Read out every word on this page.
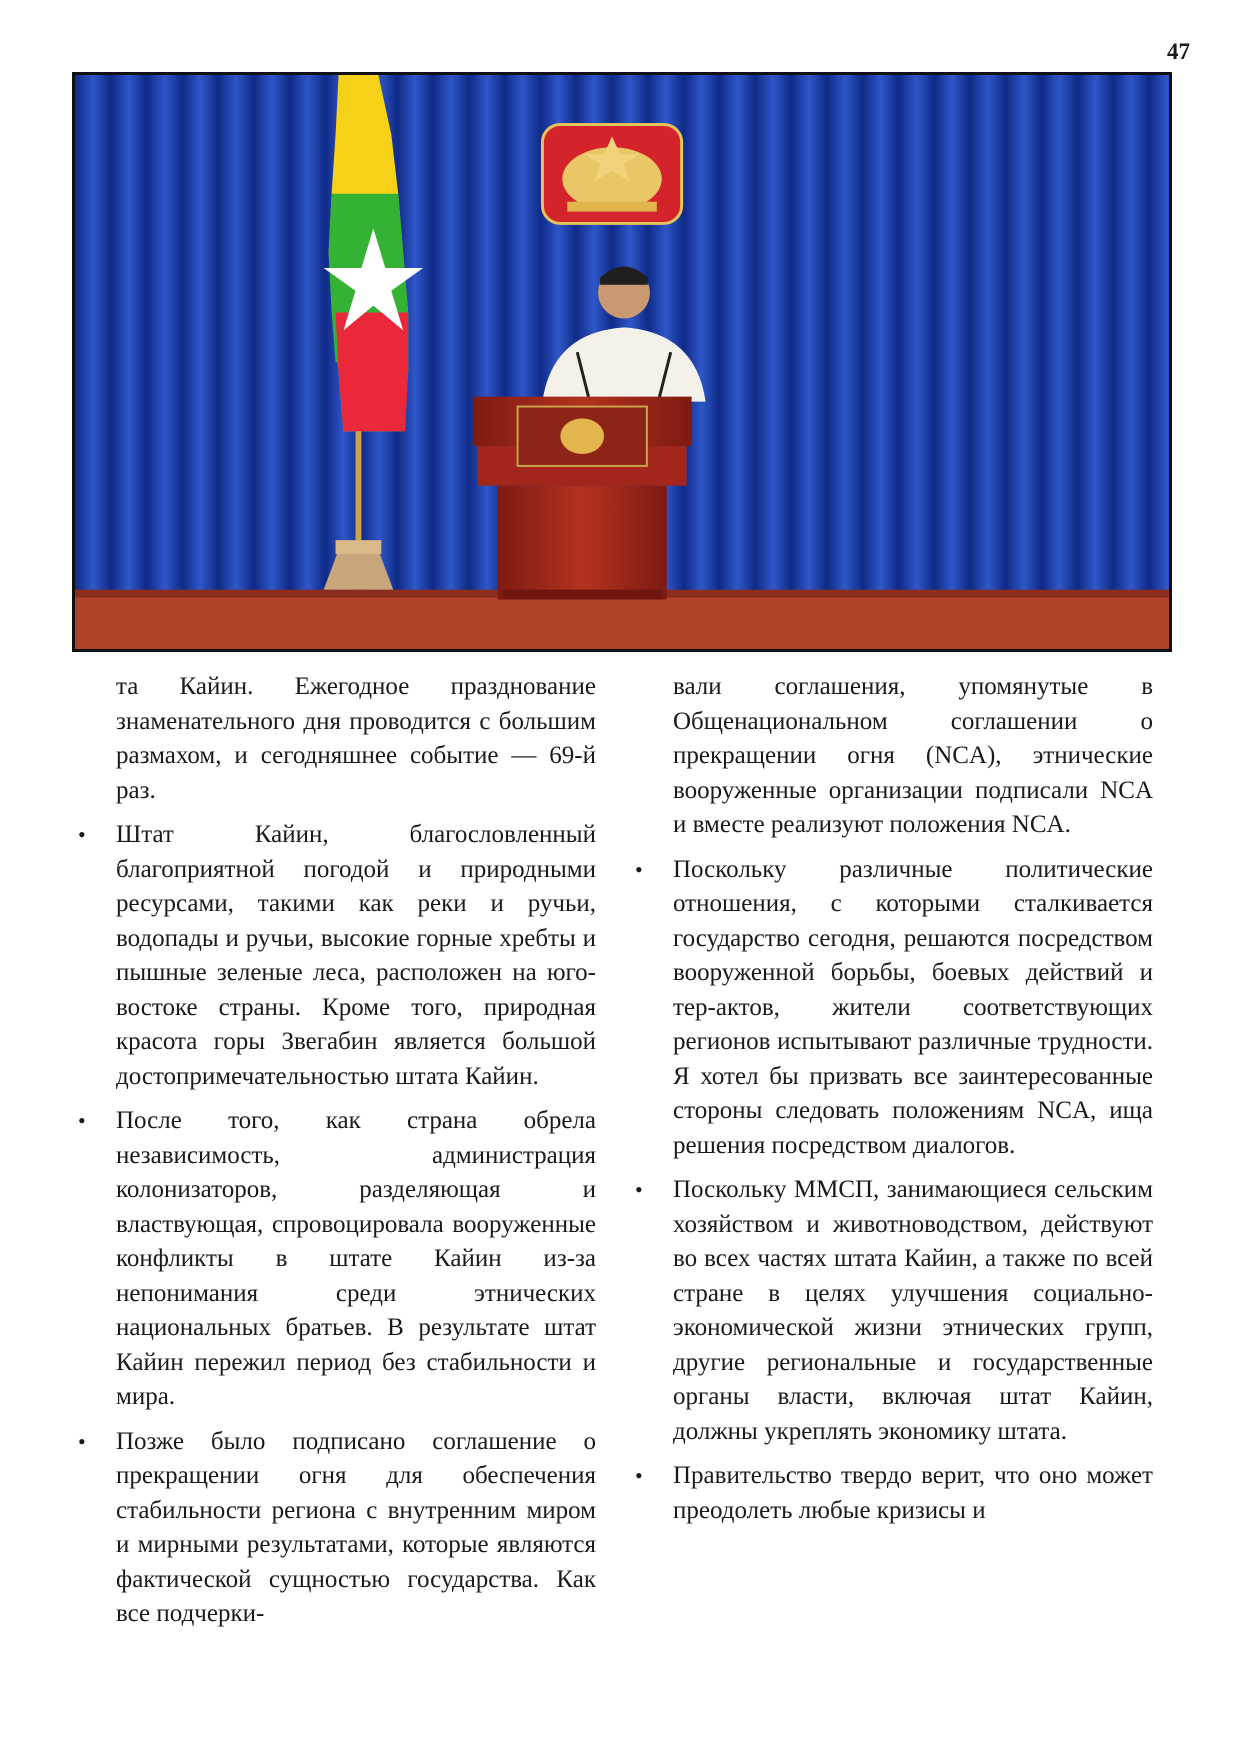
47

та Кайин. Ежегодное празднование знаменательного дня проводится с большим размахом, и сегодняшнее событие — 69-й раз.

• Штат Кайин, благословленный благоприятной погодой и природными ресурсами, такими как реки и ручьи, водопады и ручьи, высокие горные хребты и пышные зеленые леса, расположен на юго-востоке страны. Кроме того, природная красота горы Звегабин является большой достопримечательностью штата Кайин.
• После того, как страна обрела независимость, администрация колонизаторов, разделяющая и властвующая, спровоцировала вооруженные конфликты в штате Кайин из-за непонимания среди этнических национальных братьев. В результате штат Кайин пережил период без стабильности и мира.
• Позже было подписано соглашение о прекращении огня для обеспечения стабильности региона с внутренним миром и мирными результатами, которые являются фактической сущностью государства. Как все подчерки-

вали соглашения, упомянутые в Общенациональном соглашении о прекращении огня (NCA), этнические вооруженные организации подписали NCA и вместе реализуют положения NCA.

• Поскольку различные политические отношения, с которыми сталкивается государство сегодня, решаются посредством вооруженной борьбы, боевых действий и тер-актов, жители соответствующих регионов испытывают различные трудности. Я хотел бы призвать все заинтересованные стороны следовать положениям NCA, ища решения посредством диалогов.
• Поскольку ММСП, занимающиеся сельским хозяйством и животноводством, действуют во всех частях штата Кайин, а также по всей стране в целях улучшения социально-экономической жизни этнических групп, другие региональные и государственные органы власти, включая штат Кайин, должны укреплять экономику штата.
• Правительство твердо верит, что оно может преодолеть любые кризисы и
